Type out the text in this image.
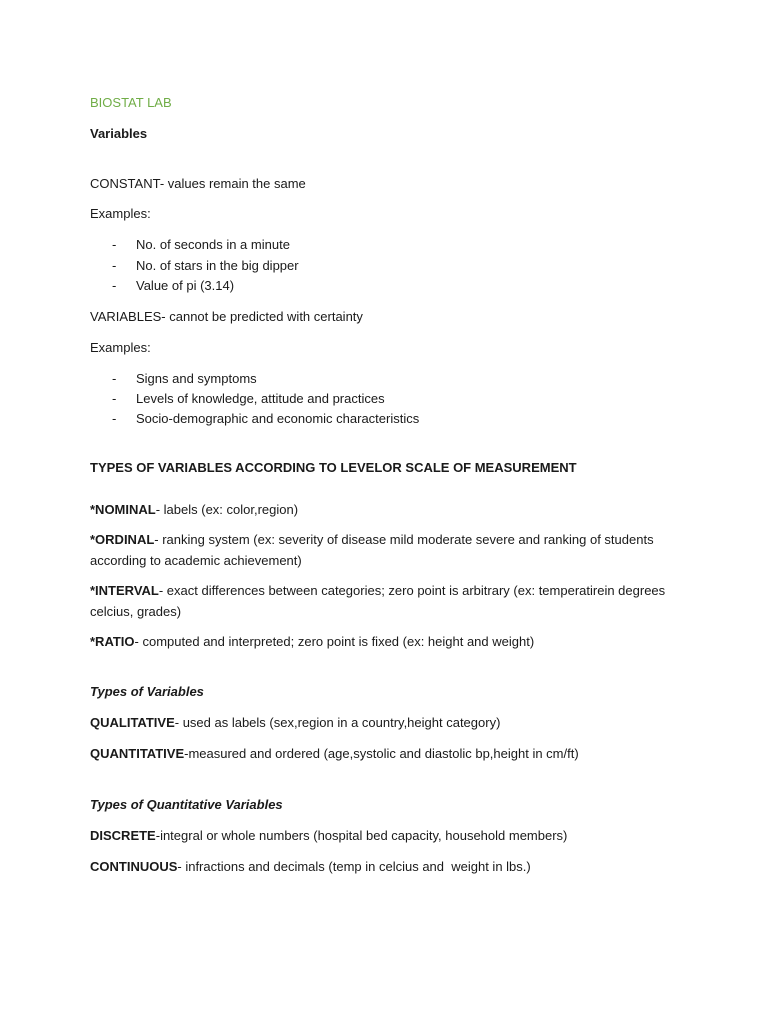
BIOSTAT LAB
Variables
CONSTANT- values remain the same
Examples:
- No. of seconds in a minute
- No. of stars in the big dipper
- Value of pi (3.14)
VARIABLES- cannot be predicted with certainty
Examples:
- Signs and symptoms
- Levels of knowledge, attitude and practices
- Socio-demographic and economic characteristics
TYPES OF VARIABLES ACCORDING TO LEVELOR SCALE OF MEASUREMENT
*NOMINAL- labels (ex: color,region)
*ORDINAL- ranking system (ex: severity of disease mild moderate severe and ranking of students according to academic achievement)
*INTERVAL- exact differences between categories; zero point is arbitrary (ex: temperatirein degrees celcius, grades)
*RATIO- computed and interpreted; zero point is fixed (ex: height and weight)
Types of Variables
QUALITATIVE- used as labels (sex,region in a country,height category)
QUANTITATIVE-measured and ordered (age,systolic and diastolic bp,height in cm/ft)
Types of Quantitative Variables
DISCRETE-integral or whole numbers (hospital bed capacity, household members)
CONTINUOUS- infractions and decimals (temp in celcius and  weight in lbs.)
